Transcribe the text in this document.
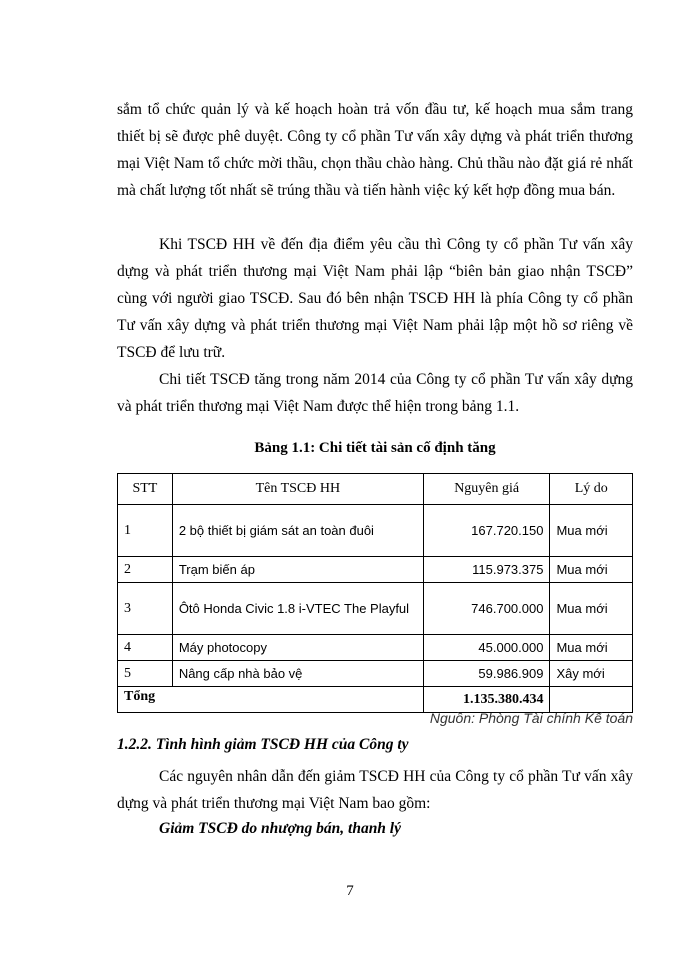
sắm tổ chức quản lý và kế hoạch hoàn trả vốn đầu tư, kế hoạch mua sắm trang thiết bị sẽ được phê duyệt. Công ty cổ phần Tư vấn xây dựng và phát triển thương mại Việt Nam tổ chức mời thầu, chọn thầu chào hàng. Chủ thầu nào đặt giá rẻ nhất mà chất lượng tốt nhất sẽ trúng thầu và tiến hành việc ký kết hợp đồng mua bán.

Khi TSCĐ HH về đến địa điểm yêu cầu thì Công ty cổ phần Tư vấn xây dựng và phát triển thương mại Việt Nam phải lập “biên bản giao nhận TSCĐ” cùng với người giao TSCĐ. Sau đó bên nhận TSCĐ HH là phía Công ty cổ phần Tư vấn xây dựng và phát triển thương mại Việt Nam phải lập một hồ sơ riêng về TSCĐ để lưu trữ.

Chi tiết TSCĐ tăng trong năm 2014 của Công ty cổ phần Tư vấn xây dựng và phát triển thương mại Việt Nam được thể hiện trong bảng 1.1.

Bảng 1.1: Chi tiết tài sản cố định tăng
STT	Tên TSCĐ HH	Nguyên giá	Lý do
1	2 bộ thiết bị giám sát an toàn đuôi	167.720.150	Mua mới
2	Trạm biến áp	115.973.375	Mua mới
3	Ôtô Honda Civic 1.8 i-VTEC The Playful	746.700.000	Mua mới
4	Máy photocopy	45.000.000	Mua mới
5	Nâng cấp nhà bảo vệ	59.986.909	Xây mới
Tổng		1.135.380.434	
Nguồn: Phòng Tài chính Kế toán
1.2.2. Tình hình giảm TSCĐ HH của Công ty

Các nguyên nhân dẫn đến giảm TSCĐ HH của Công ty cổ phần Tư vấn xây dựng và phát triển thương mại Việt Nam bao gồm:

Giảm TSCĐ do nhượng bán, thanh lý
7
